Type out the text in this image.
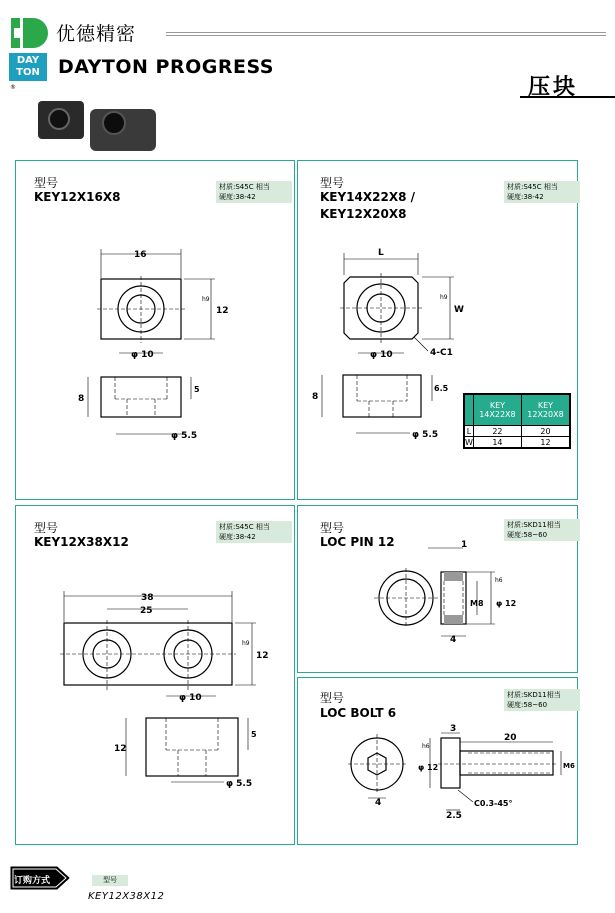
优德精密
DAY
TON DAYTON PROGRESS
®	压块
型号
KEY12X16X8
材质:S45C 相当
硬度:38-42
16
12
h9
φ 10
8
5
φ 5.5
型号
KEY14X22X8 /
KEY12X20X8
材质:S45C 相当
硬度:38-42
L
W
h9
φ 10	4-C1
8
6.5
φ 5.5
	KEY 14X22X8	KEY 12X20X8
L	22	20
W	14	12
型号
KEY12X38X12
材质:S45C 相当
硬度:38-42
38
25
12
h9
φ 10
12
5
φ 5.5
型号
LOC PIN 12
材质:SKD11相当
硬度:58~60
1
M8 φ 12
h6
4
型号
LOC BOLT 6
材质:SKD11相当
硬度:58~60
3
20
φ 12
h6
M6
4
2.5
C0.3-45°
订购方式	型号
KEY12X38X12
